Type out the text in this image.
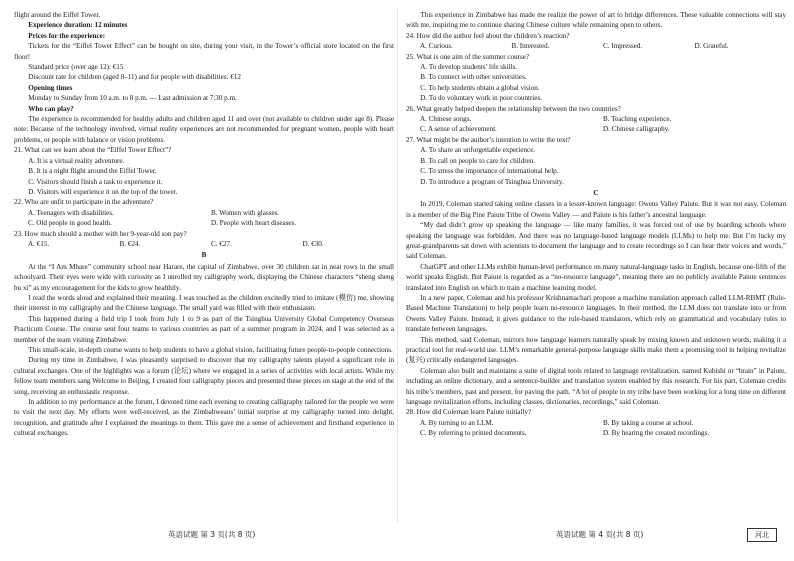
flight around the Eiffel Tower.

Experience duration: 12 minutes

Prices for the experience:

Tickets for the “Eiffel Tower Effect” can be bought on site, during your visit, in the Tower’s official store located on the first floor!

Standard price (over age 12): €15

Discount rate for children (aged 8–11) and for people with disabilities: €12

Opening times

Monday to Sunday from 10 a.m. to 8 p.m. — Last admission at 7:30 p.m.

Who can play?

The experience is recommended for healthy adults and children aged 11 and over (not available to children under age 8). Please note: Because of the technology involved, virtual reality experiences are not recommended for pregnant women, people with heart problems, or people with balance or vision problems.

21. What can we learn about the “Eiffel Tower Effect”?

A. It is a virtual reality adventure.

B. It is a night flight around the Eiffel Tower.

C. Visitors should finish a task to experience it.

D. Visitors will experience it on the top of the tower.

22. Who are unfit to participate in the adventure?

A. Teenagers with disabilities.	B. Women with glasses.
C. Old people in good health.	D. People with heart diseases.

23. How much should a mother with her 9-year-old son pay?

A. €15.	B. €24.	C. €27.	D. €30.
B

At the “I Am Mbare” community school near Harare, the capital of Zimbabwe, over 30 children sat in neat rows in the small schoolyard. Their eyes were wide with curiosity as I unrolled my calligraphy work, displaying the Chinese characters “sheng sheng bu xi” as my encouragement for the kids to grow healthily.

I read the words aloud and explained their meaning. I was touched as the children excitedly tried to imitate (模仿) me, showing their interest in my calligraphy and the Chinese language. The small yard was filled with their enthusiasm.

This happened during a field trip I took from July 1 to 9 as part of the Tsinghua University Global Competency Overseas Practicum Course. The course sent four teams to various countries as part of a summer program in 2024, and I was selected as a member of the team visiting Zimbabwe.

This small-scale, in-depth course wants to help students to have a global vision, facilitating future people-to-people connections.

During my time in Zimbabwe, I was pleasantly surprised to discover that my calligraphy talents played a significant role in cultural exchanges. One of the highlights was a forum (论坛) where we engaged in a series of activities with local artists. While my fellow team members sang Welcome to Beijing, I created four calligraphy pieces and presented these pieces on stage at the end of the song, receiving an enthusiastic response.

In addition to my performance at the forum, I devoted time each evening to creating calligraphy tailored for the people we were to visit the next day. My efforts were well-received, as the Zimbabweans’ initial surprise at my calligraphy turned into delight, recognition, and gratitude after I explained the meanings to them. This gave me a sense of achievement and firsthand experience in cultural exchanges.

英语试题 第 3 页(共 8 页)

This experience in Zimbabwe has made me realize the power of art to bridge differences. These valuable connections will stay with me, inspiring me to continue sharing Chinese culture while remaining open to others.

24. How did the author feel about the children’s reaction?

A. Curious.	B. Interested.	C. Impressed.	D. Grateful.

25. What is one aim of the summer course?

A. To develop students’ life skills.

B. To connect with other universities.

C. To help students obtain a global vision.

D. To do voluntary work in poor countries.

26. What greatly helped deepen the relationship between the two countries?

A. Chinese songs.	B. Teaching experience.
C. A sense of achievement.	D. Chinese calligraphy.

27. What might be the author’s intention to write the text?

A. To share an unforgettable experience.

B. To call on people to care for children.

C. To stress the importance of international help.

D. To introduce a program of Tsinghua University.

C

In 2019, Coleman started taking online classes in a lesser-known language: Owens Valley Paiute. But it was not easy. Coleman is a member of the Big Pine Paiute Tribe of Owens Valley — and Paiute is his father’s ancestral language.

“My dad didn’t grow up speaking the language — like many families, it was forced out of use by boarding schools where speaking the language was forbidden. And there was no language-based language models (LLMs) to help me. But I’m lucky my great-grandparents sat down with scientists to document the language and to create recordings so I can hear their voices and words,” said Coleman.

ChatGPT and other LLMs exhibit human-level performance on many natural-language tasks in English, because one-fifth of the world speaks English. But Paiute is regarded as a “no-resource language”, meaning there are no publicly available Paiute sentences translated into English on which to train a machine learning model.

In a new paper, Coleman and his professor Krishnamachari propose a machine translation approach called LLM-RBMT (Rule-Based Machine Translation) to help people learn no-resource languages. In their method, the LLM does not translate into or from Owens Valley Paiute. Instead, it gives guidance to the rule-based translators, which rely on grammatical and vocabulary rules to translate between languages.

This method, said Coleman, mirrors how language learners naturally speak by mixing known and unknown words, making it a practical tool for real-world use. LLM’s remarkable general-purpose language skills make them a promising tool in helping revitalize (复兴) critically endangered languages.

Coleman also built and maintains a suite of digital tools related to language revitalization, named Kubishi or “brain” in Paiute, including an online dictionary, and a sentence-builder and translation system enabled by this research. For his part, Coleman credits his tribe’s members, past and present, for paving the path. “A lot of people in my tribe have been working for a long time on different language revitalization efforts, including classes, dictionaries, recordings,” said Coleman.

28. How did Coleman learn Paiute initially?

A. By turning to an LLM.	B. By taking a course at school.
C. By referring to printed documents.	D. By hearing the created recordings.
英语试题 第 4 页(共 8 页)	河北
